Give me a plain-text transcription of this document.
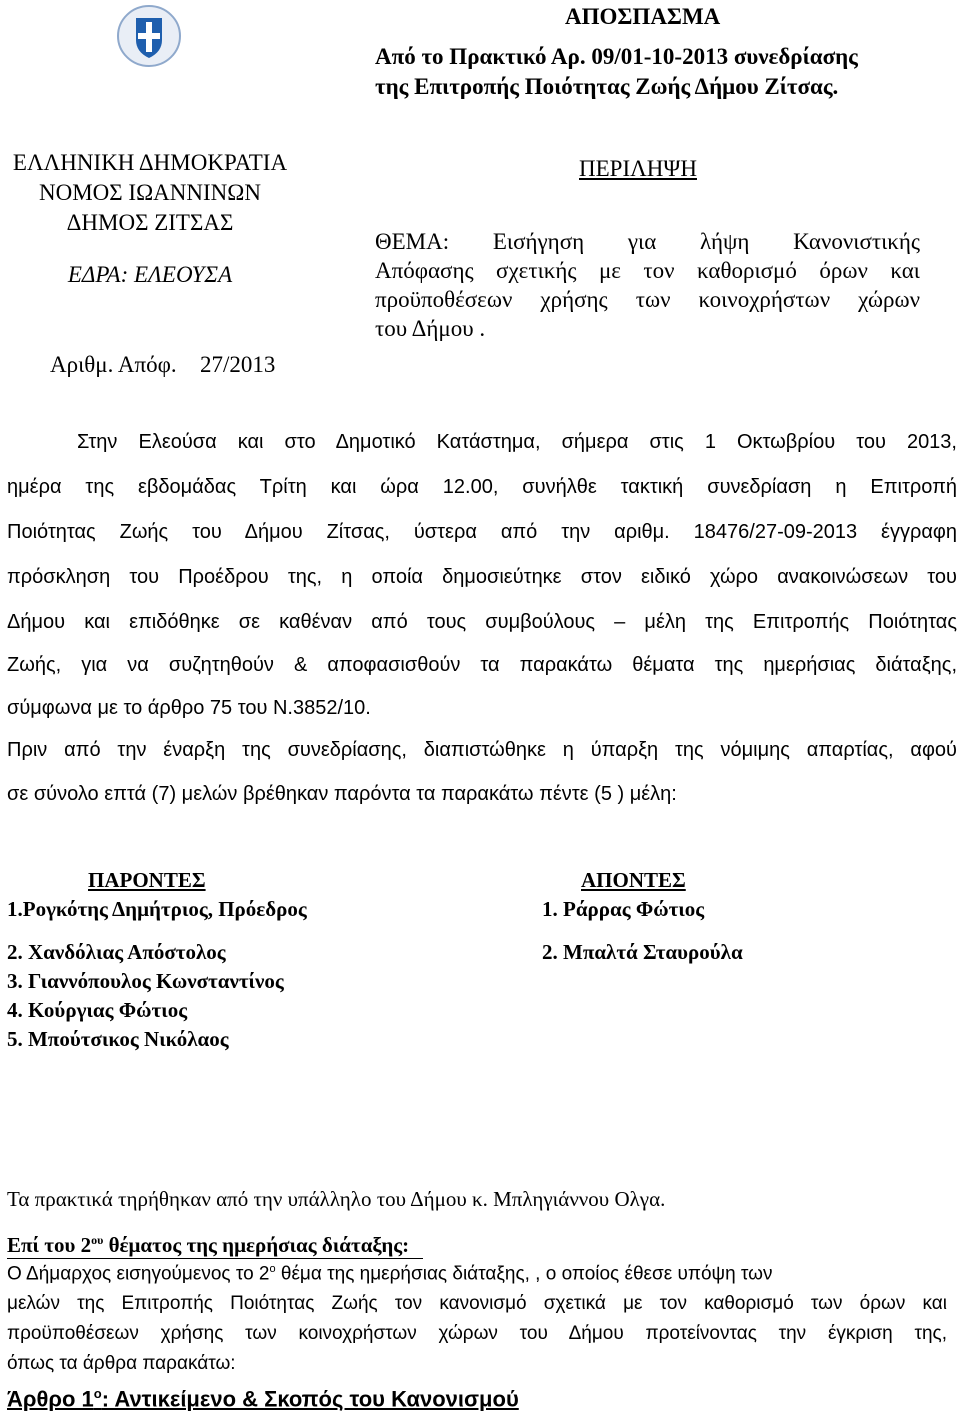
ΑΠΟΣΠΑΣΜΑ
Από το Πρακτικό Αρ. 09/01-10-2013 συνεδρίασης
της Επιτροπής Ποιότητας Ζωής Δήμου Ζίτσας.
ΕΛΛΗΝΙΚΗ ΔΗΜΟΚΡΑΤΙΑ
ΝΟΜΟΣ ΙΩΑΝΝΙΝΩΝ
ΔΗΜΟΣ ΖΙΤΣΑΣ
ΕΔΡΑ: ΕΛΕΟΥΣΑ
Αριθμ. Απόφ. 27/2013
ΠΕΡΙΛΗΨΗ
ΘΕΜΑ: Εισήγηση για λήψη Κανονιστικής
Απόφασης σχετικής με τον καθορισμό όρων και
προϋποθέσεων χρήσης των κοινοχρήστων χώρων
του Δήμου .
Στην Ελεούσα και στο Δημοτικό Κατάστημα, σήμερα στις 1 Οκτωβρίου του 2013,
ημέρα της εβδομάδας Τρίτη και ώρα 12.00, συνήλθε τακτική συνεδρίαση η Επιτροπή
Ποιότητας Ζωής του Δήμου Ζίτσας, ύστερα από την αριθμ. 18476/27-09-2013 έγγραφη
πρόσκληση του Προέδρου της, η οποία δημοσιεύτηκε στον ειδικό χώρο ανακοινώσεων του
Δήμου και επιδόθηκε σε καθέναν από τους συμβούλους – μέλη της Επιτροπής Ποιότητας
Ζωής, για να συζητηθούν & αποφασισθούν τα παρακάτω θέματα της ημερήσιας διάταξης,
σύμφωνα με το άρθρο 75 του Ν.3852/10.
Πριν από την έναρξη της συνεδρίασης, διαπιστώθηκε η ύπαρξη της νόμιμης απαρτίας, αφού
σε σύνολο επτά (7) μελών βρέθηκαν παρόντα τα παρακάτω πέντε (5 ) μέλη:
ΠΑΡΟΝΤΕΣ	ΑΠΟΝΤΕΣ
1.Ρογκότης Δημήτριος, Πρόεδρος
2. Χανδόλιας Απόστολος
3. Γιαννόπουλος Κωνσταντίνος
4. Κούργιας Φώτιος
5. Μπούτσικος Νικόλαος
1. Ράρρας Φώτιος
2. Μπαλτά Σταυρούλα
Τα πρακτικά τηρήθηκαν από την υπάλληλο του Δήμου κ. Μπληγιάννου Ολγα.
Επί του $2^{o\upsilon}$ θέματος της ημερήσιας διάταξης:
Ο Δήμαρχος εισηγούμενος το $2^o$ θέμα της ημερήσιας διάταξης, , ο οποίος έθεσε υπόψη των
μελών της Επιτροπής Ποιότητας Ζωής τον κανονισμό σχετικά με τον καθορισμό των όρων και
προϋποθέσεων χρήσης των κοινοχρήστων χώρων του Δήμου προτείνοντας την έγκριση της,
όπως τα άρθρα παρακάτω:
Άρθρο $1^o$: Αντικείμενο & Σκοπός του Κανονισμού
